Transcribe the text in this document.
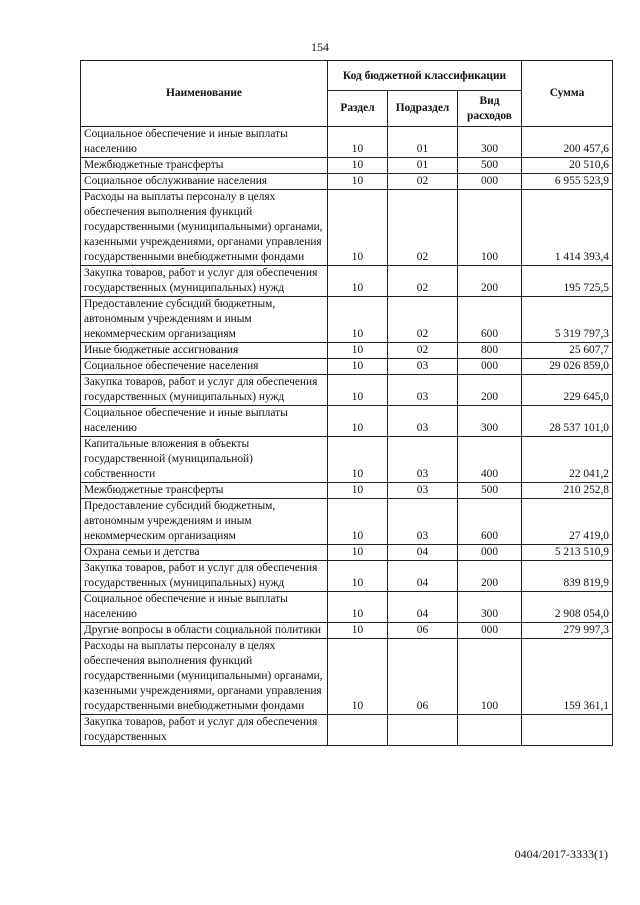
154
Наименование	Код бюджетной классификации			Сумма
	Раздел	Подраздел	Вид расходов	
Социальное обеспечение и иные выплаты населению	10	01	300	200 457,6
Межбюджетные трансферты	10	01	500	20 510,6
Социальное обслуживание населения	10	02	000	6 955 523,9
Расходы на выплаты персоналу в целях обеспечения выполнения функций государственными (муниципальными) органами, казенными учреждениями, органами управления государственными внебюджетными фондами	10	02	100	1 414 393,4
Закупка товаров, работ и услуг для обеспечения государственных (муниципальных) нужд	10	02	200	195 725,5
Предоставление субсидий бюджетным, автономным учреждениям и иным некоммерческим организациям	10	02	600	5 319 797,3
Иные бюджетные ассигнования	10	02	800	25 607,7
Социальное обеспечение населения	10	03	000	29 026 859,0
Закупка товаров, работ и услуг для обеспечения государственных (муниципальных) нужд	10	03	200	229 645,0
Социальное обеспечение и иные выплаты населению	10	03	300	28 537 101,0
Капитальные вложения в объекты государственной (муниципальной) собственности	10	03	400	22 041,2
Межбюджетные трансферты	10	03	500	210 252,8
Предоставление субсидий бюджетным, автономным учреждениям и иным некоммерческим организациям	10	03	600	27 419,0
Охрана семьи и детства	10	04	000	5 213 510,9
Закупка товаров, работ и услуг для обеспечения государственных (муниципальных) нужд	10	04	200	839 819,9
Социальное обеспечение и иные выплаты населению	10	04	300	2 908 054,0
Другие вопросы в области социальной политики	10	06	000	279 997,3
Расходы на выплаты персоналу в целях обеспечения выполнения функций государственными (муниципальными) органами, казенными учреждениями, органами управления государственными внебюджетными фондами	10	06	100	159 361,1
Закупка товаров, работ и услуг для обеспечения государственных				
0404/2017-3333(1)
